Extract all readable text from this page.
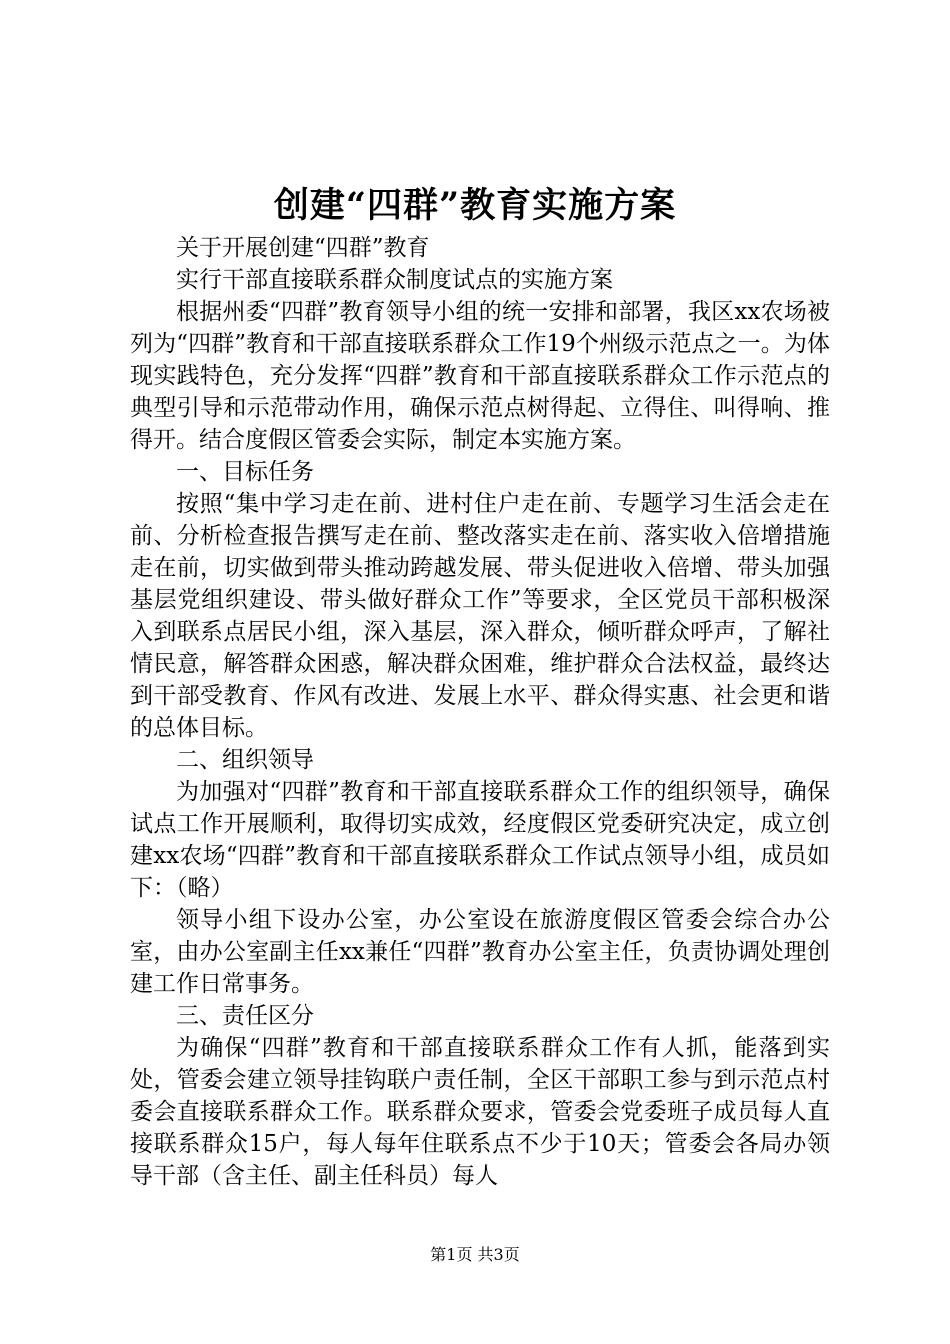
创建“四群”教育实施方案

关于开展创建“四群”教育

实行干部直接联系群众制度试点的实施方案

根据州委“四群”教育领导小组的统一安排和部署，我区xx农场被列为“四群”教育和干部直接联系群众工作19个州级示范点之一。为体现实践特色，充分发挥“四群”教育和干部直接联系群众工作示范点的典型引导和示范带动作用，确保示范点树得起、立得住、叫得响、推得开。结合度假区管委会实际，制定本实施方案。

一、目标任务

按照“集中学习走在前、进村住户走在前、专题学习生活会走在前、分析检查报告撰写走在前、整改落实走在前、落实收入倍增措施走在前，切实做到带头推动跨越发展、带头促进收入倍增、带头加强基层党组织建设、带头做好群众工作”等要求，全区党员干部积极深入到联系点居民小组，深入基层，深入群众，倾听群众呼声，了解社情民意，解答群众困惑，解决群众困难，维护群众合法权益，最终达到干部受教育、作风有改进、发展上水平、群众得实惠、社会更和谐的总体目标。

二、组织领导

为加强对“四群”教育和干部直接联系群众工作的组织领导，确保试点工作开展顺利，取得切实成效，经度假区党委研究决定，成立创建xx农场“四群”教育和干部直接联系群众工作试点领导小组，成员如下：（略）

领导小组下设办公室，办公室设在旅游度假区管委会综合办公室，由办公室副主任xx兼任“四群”教育办公室主任，负责协调处理创建工作日常事务。

三、责任区分

为确保“四群”教育和干部直接联系群众工作有人抓，能落到实处，管委会建立领导挂钩联户责任制，全区干部职工参与到示范点村委会直接联系群众工作。联系群众要求，管委会党委班子成员每人直接联系群众15户，每人每年住联系点不少于10天；管委会各局办领导干部（含主任、副主任科员）每人

第1页 共3页
